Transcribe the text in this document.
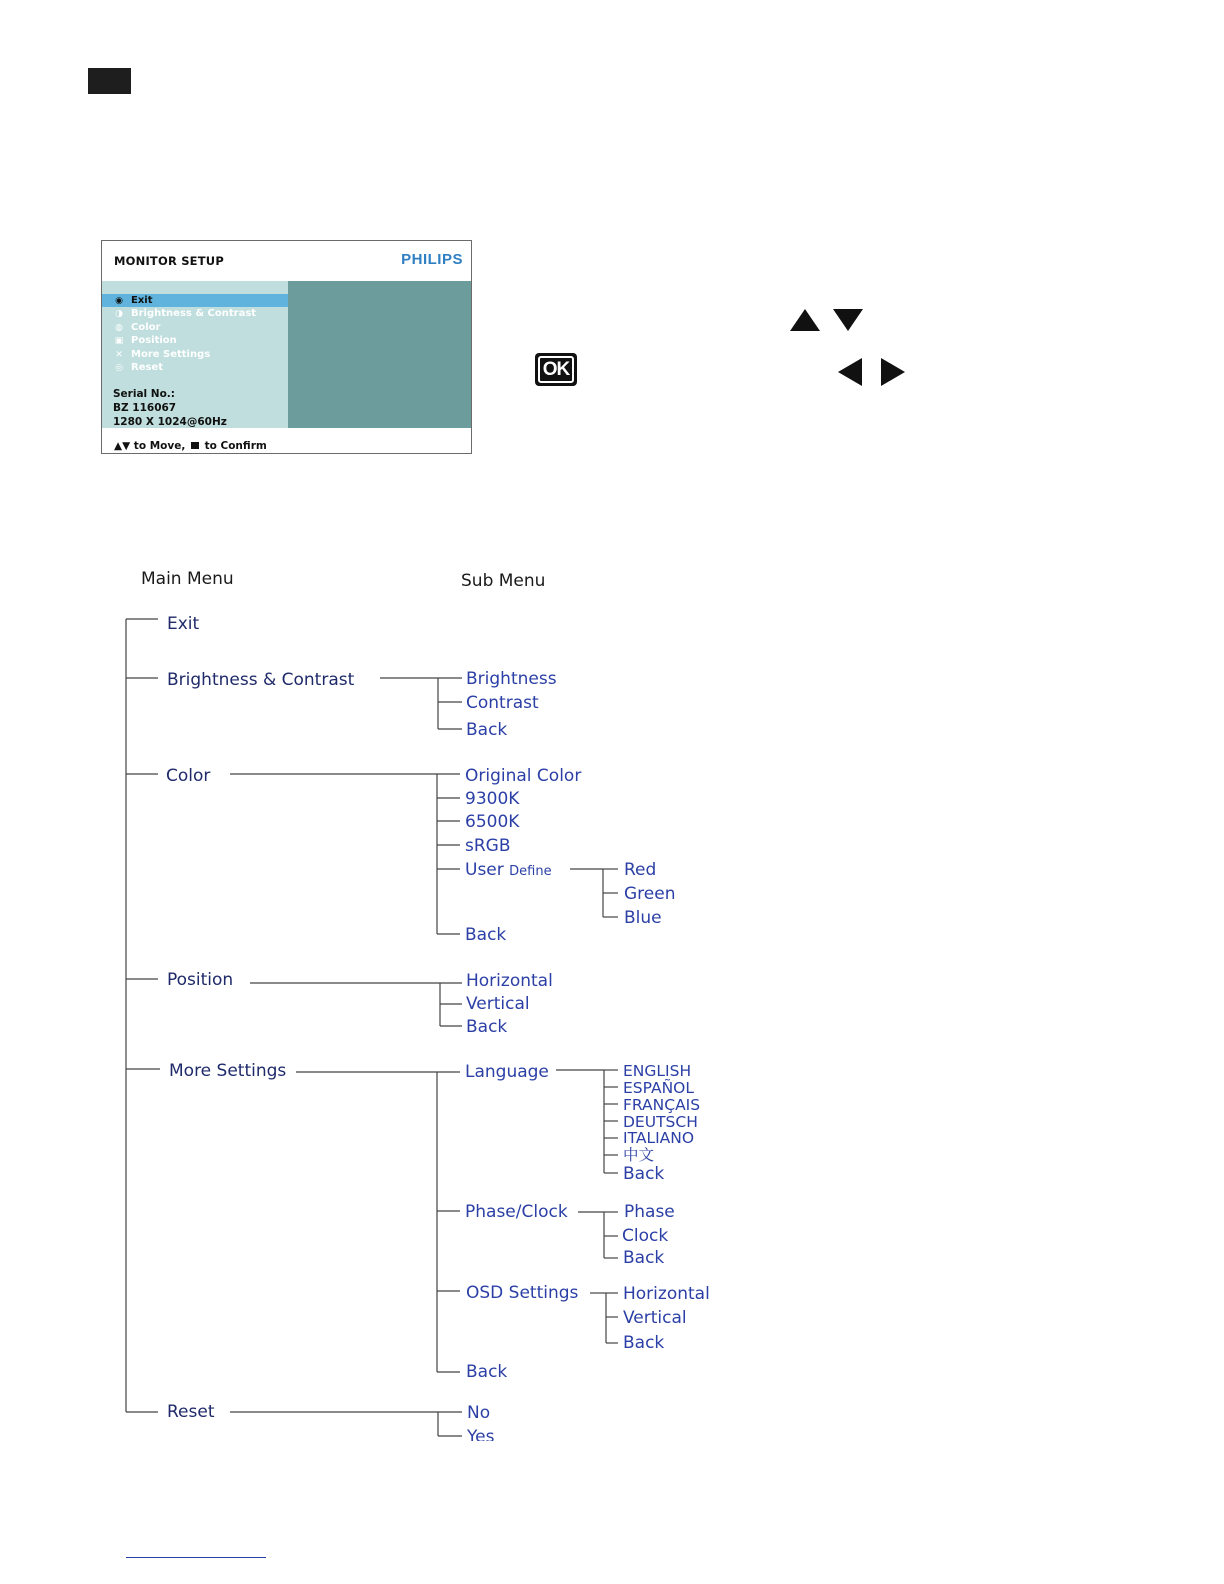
MONITOR SETUP	PHILIPS
◉ Exit
◑ Brightness & Contrast
◍ Color
▣ Position
✕ More Settings
◎ Reset
Serial No.:
BZ 116067
1280 X 1024@60Hz
▲▼ to Move, to Confirm
OK
Main Menu	Sub Menu
Exit
Brightness & Contrast
Color
Position
More Settings
Reset
Brightness
Contrast
Back
Original Color
9300K
6500K
sRGB
User Define
Back
Red
Green
Blue
Horizontal
Vertical
Back
Language	ENGLISH
ESPAÑOL
FRANÇAIS
DEUTSCH
ITALIANO
中文
Back
Phase/Clock	Phase
Clock
Back
OSD Settings	Horizontal
Vertical
Back
Back
No
Yes
